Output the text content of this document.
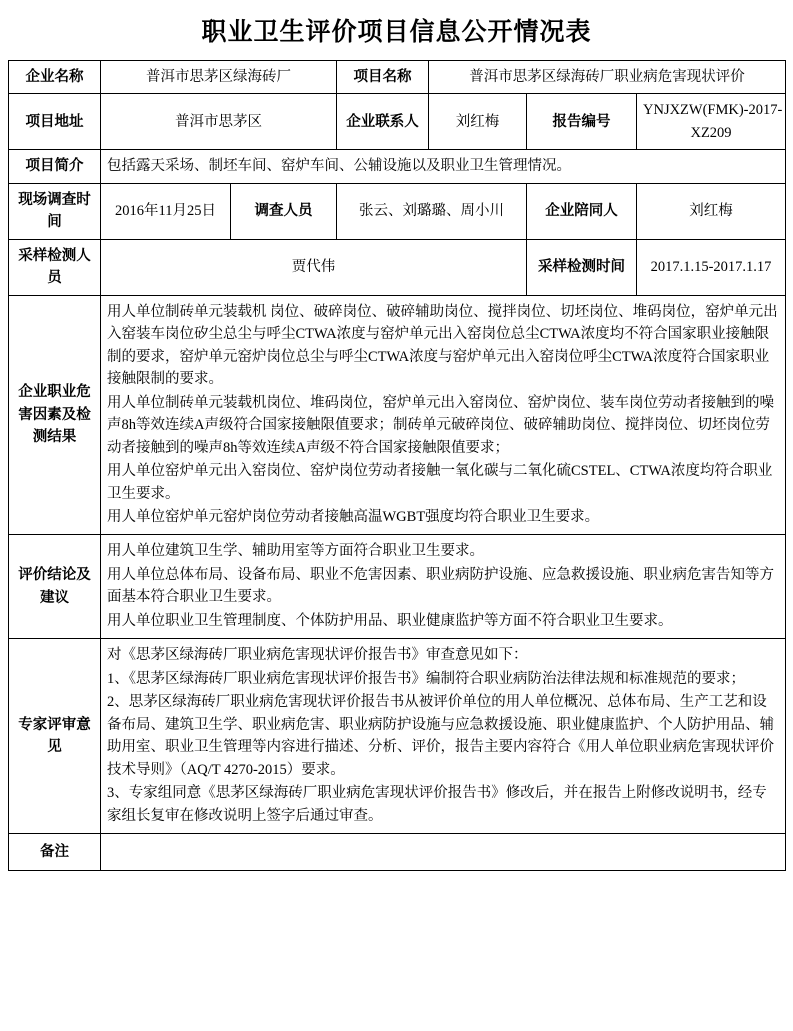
职业卫生评价项目信息公开情况表
企业名称	普洱市思茅区绿海砖厂		项目名称	普洱市思茅区绿海砖厂职业病危害现状评价		
项目地址	普洱市思茅区		企业联系人	刘红梅	报告编号	YNJXZW(FMK)-2017-XZ209
项目简介	包括露天采场、制坯车间、窑炉车间、公辅设施以及职业卫生管理情况。					
现场调查时间	2016年11月25日	调查人员	张云、刘璐璐、周小川		企业陪同人	刘红梅
采样检测人员	贾代伟				采样检测时间	2017.1.15-2017.1.17
企业职业危害因素及检测结果	用人单位制砖单元装载机 岗位、破碎岗位、破碎辅助岗位、搅拌岗位、切坯岗位、堆码岗位，窑炉单元出入窑装车岗位矽尘总尘与呼尘CTWA浓度与窑炉单元出入窑岗位总尘CTWA浓度均不符合国家职业接触限制的要求，窑炉单元窑炉岗位总尘与呼尘CTWA浓度与窑炉单元出入窑岗位呼尘CTWA浓度符合国家职业接触限制的要求。

用人单位制砖单元装载机岗位、堆码岗位，窑炉单元出入窑岗位、窑炉岗位、装车岗位劳动者接触到的噪声8h等效连续A声级符合国家接触限值要求；制砖单元破碎岗位、破碎辅助岗位、搅拌岗位、切坯岗位劳动者接触到的噪声8h等效连续A声级不符合国家接触限值要求；

用人单位窑炉单元出入窑岗位、窑炉岗位劳动者接触一氧化碳与二氧化硫CSTEL、CTWA浓度均符合职业卫生要求。

用人单位窑炉单元窑炉岗位劳动者接触高温WGBT强度均符合职业卫生要求。					

评价结论及建议	用人单位建筑卫生学、辅助用室等方面符合职业卫生要求。

用人单位总体布局、设备布局、职业不危害因素、职业病防护设施、应急救援设施、职业病危害告知等方面基本符合职业卫生要求。

用人单位职业卫生管理制度、个体防护用品、职业健康监护等方面不符合职业卫生要求。					

专家评审意见	对《思茅区绿海砖厂职业病危害现状评价报告书》审查意见如下：

1、《思茅区绿海砖厂职业病危害现状评价报告书》编制符合职业病防治法律法规和标准规范的要求；

2、思茅区绿海砖厂职业病危害现状评价报告书从被评价单位的用人单位概况、总体布局、生产工艺和设备布局、建筑卫生学、职业病危害、职业病防护设施与应急救援设施、职业健康监护、个人防护用品、辅助用室、职业卫生管理等内容进行描述、分析、评价，报告主要内容符合《用人单位职业病危害现状评价技术导则》（AQ/T 4270-2015）要求。

3、专家组同意《思茅区绿海砖厂职业病危害现状评价报告书》修改后，并在报告上附修改说明书，经专家组长复审在修改说明上签字后通过审查。					

备注						
